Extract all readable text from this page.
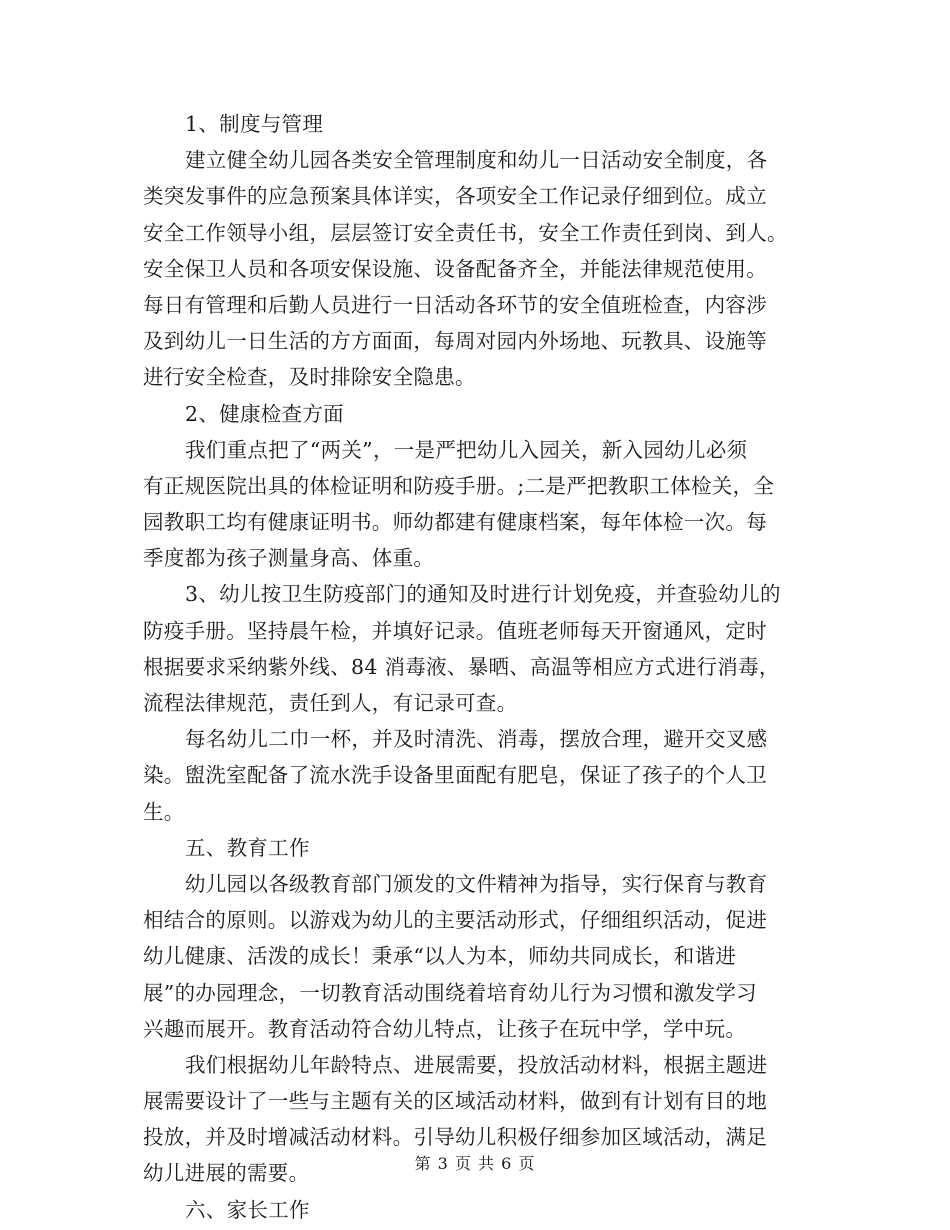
1、制度与管理
建立健全幼儿园各类安全管理制度和幼儿一日活动安全制度，各
类突发事件的应急预案具体详实，各项安全工作记录仔细到位。成立
安全工作领导小组，层层签订安全责任书，安全工作责任到岗、到人。
安全保卫人员和各项安保设施、设备配备齐全，并能法律规范使用。
每日有管理和后勤人员进行一日活动各环节的安全值班检查，内容涉
及到幼儿一日生活的方方面面，每周对园内外场地、玩教具、设施等
进行安全检查，及时排除安全隐患。
2、健康检查方面
我们重点把了“两关”，一是严把幼儿入园关，新入园幼儿必须
有正规医院出具的体检证明和防疫手册。;二是严把教职工体检关，全
园教职工均有健康证明书。师幼都建有健康档案，每年体检一次。每
季度都为孩子测量身高、体重。
3、幼儿按卫生防疫部门的通知及时进行计划免疫，并查验幼儿的
防疫手册。坚持晨午检，并填好记录。值班老师每天开窗通风，定时
根据要求采纳紫外线、84 消毒液、暴晒、高温等相应方式进行消毒，
流程法律规范，责任到人，有记录可查。
每名幼儿二巾一杯，并及时清洗、消毒，摆放合理，避开交叉感
染。盥洗室配备了流水洗手设备里面配有肥皂，保证了孩子的个人卫
生。
五、教育工作
幼儿园以各级教育部门颁发的文件精神为指导，实行保育与教育
相结合的原则。以游戏为幼儿的主要活动形式，仔细组织活动，促进
幼儿健康、活泼的成长！秉承“以人为本，师幼共同成长，和谐进
展”的办园理念，一切教育活动围绕着培育幼儿行为习惯和激发学习
兴趣而展开。教育活动符合幼儿特点，让孩子在玩中学，学中玩。
我们根据幼儿年龄特点、进展需要，投放活动材料，根据主题进
展需要设计了一些与主题有关的区域活动材料，做到有计划有目的地
投放，并及时增减活动材料。引导幼儿积极仔细参加区域活动，满足
幼儿进展的需要。
六、家长工作
第 3 页 共 6 页
